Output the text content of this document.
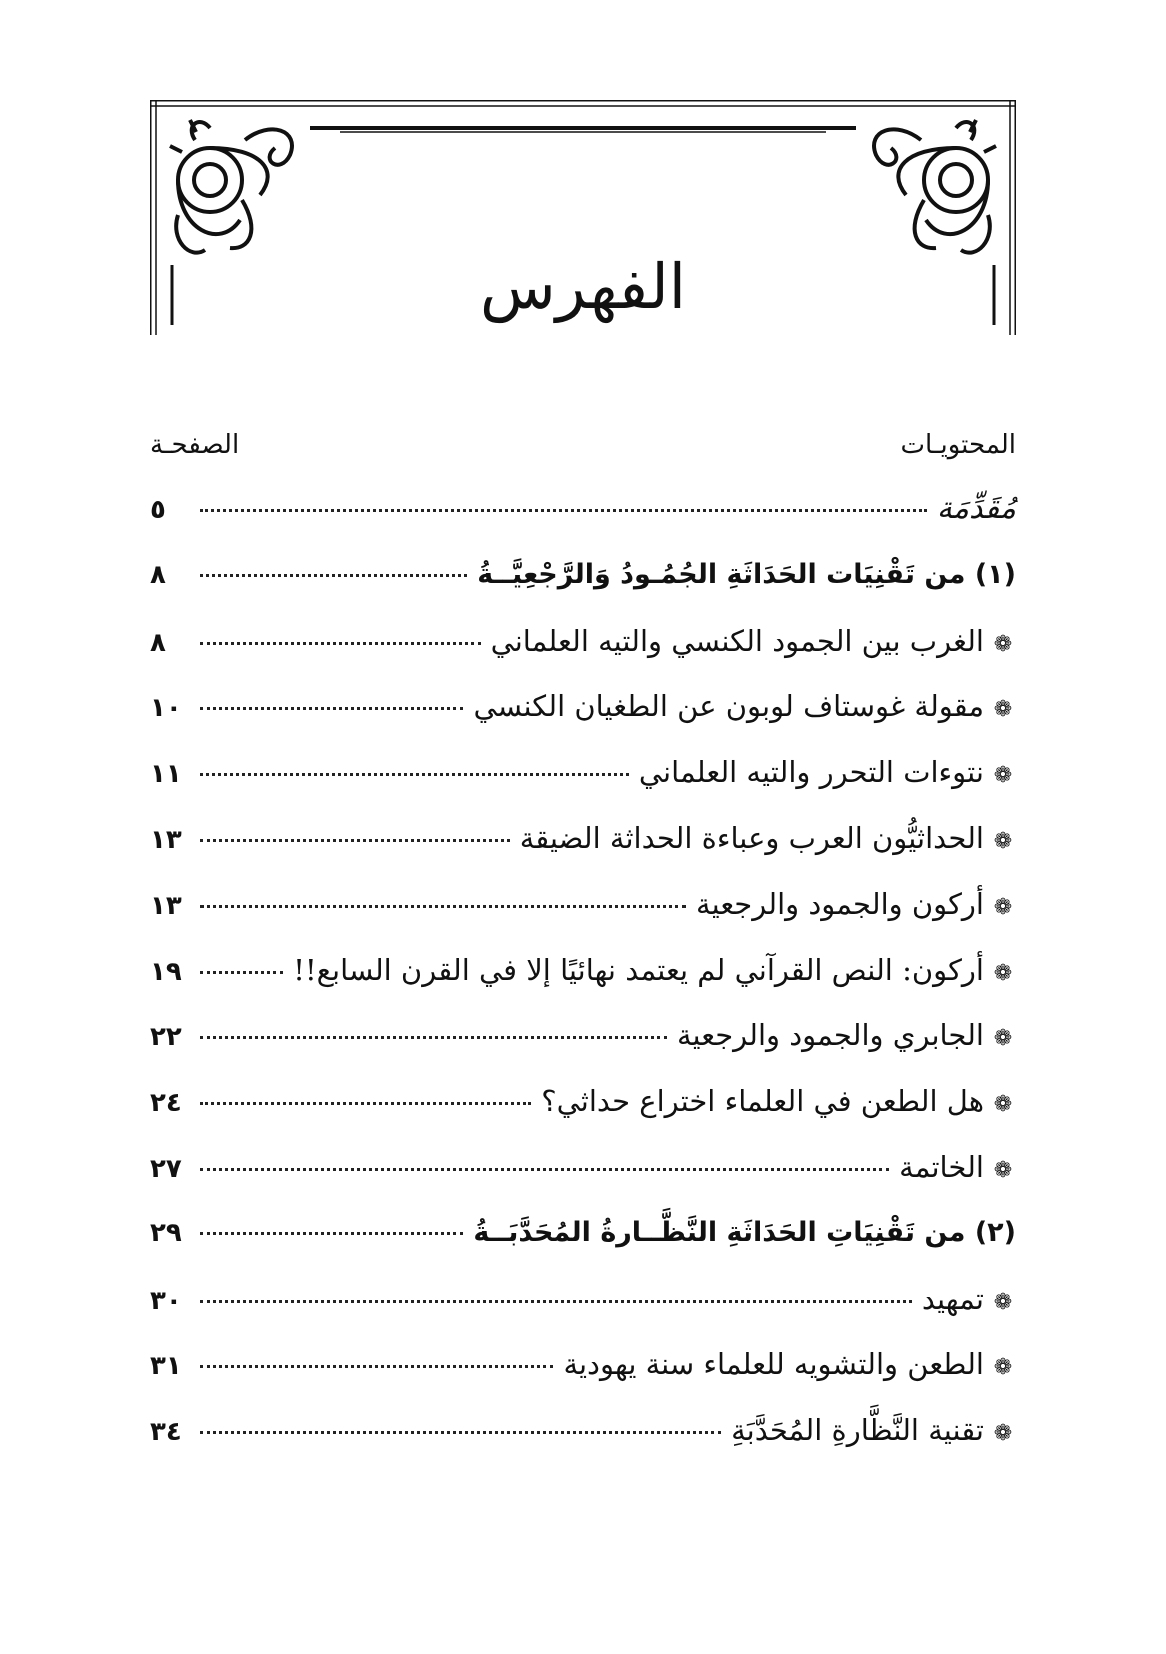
الفهرس
المحتويـات
الصفحـة
مُقَدِّمَة
٥
(١) من تَقْنِيَات الحَدَاثَةِ الجُمُـودُ وَالرَّجْعِيَّــةُ
٨
❁
الغرب بين الجمود الكنسي والتيه العلماني
٨
❁
مقولة غوستاف لوبون عن الطغيان الكنسي
١٠
❁
نتوءات التحرر والتيه العلماني
١١
❁
الحداثيُّون العرب وعباءة الحداثة الضيقة
١٣
❁
أركون والجمود والرجعية
١٣
❁
أركون: النص القرآني لم يعتمد نهائيًا إلا في القرن السابع!!
١٩
❁
الجابري والجمود والرجعية
٢٢
❁
هل الطعن في العلماء اختراع حداثي؟
٢٤
❁
الخاتمة
٢٧
(٢) من تَقْنِيَاتِ الحَدَاثَةِ النَّظَّــارةُ المُحَدَّبَــةُ
٢٩
❁
تمهيد
٣٠
❁
الطعن والتشويه للعلماء سنة يهودية
٣١
❁
تقنية النَّظَّارةِ المُحَدَّبَةِ
٣٤
